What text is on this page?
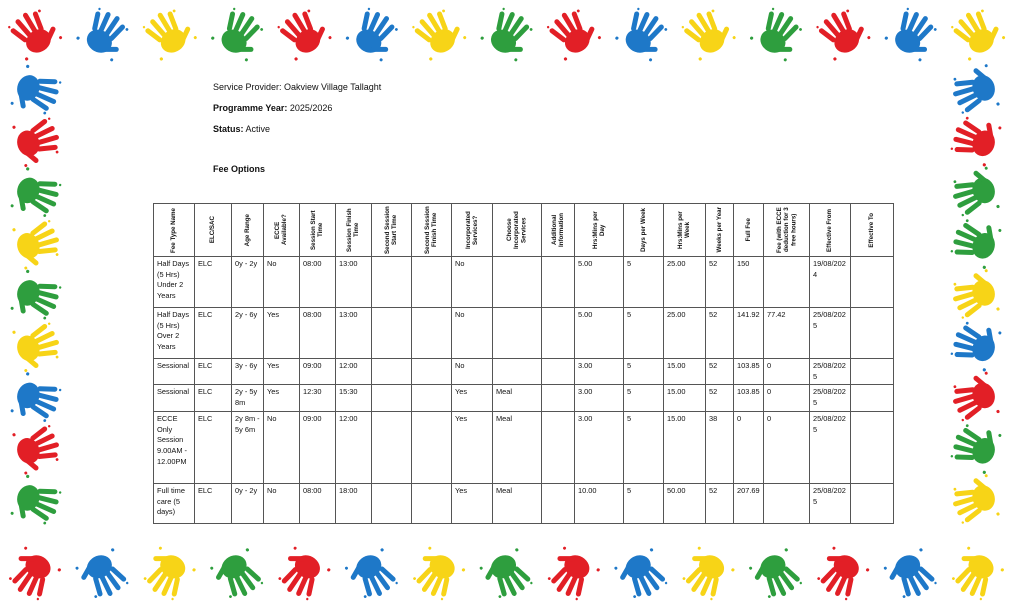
Service Provider: Oakview Village Tallaght
Programme Year: 2025/2026
Status: Active
Fee Options
Fee Type Name	ELC/SAC	Age Range	ECCE Available?	Session Start Time	Session Finish Time	Second Session Start Time	Second Session Finish Time	Incorporated Services?	Choose Incorporated Services	Additional Information	Hrs:Mins per Day	Days per Week	Hrs:Mins per Week	Weeks per Year	Full Fee	Fee (with ECCE deduction for 3 free hours)	Effective From	Effective To

Half Days (5 Hrs) Under 2 Years	ELC	0y - 2y	No	08:00	13:00			No			5.00	5	25.00	52	150		19/08/2024	
Half Days (5 Hrs) Over 2 Years	ELC	2y - 6y	Yes	08:00	13:00			No			5.00	5	25.00	52	141.92	77.42	25/08/2025	
Sessional	ELC	3y - 6y	Yes	09:00	12:00			No			3.00	5	15.00	52	103.85	0	25/08/2025	
Sessional	ELC	2y - 5y 8m	Yes	12:30	15:30			Yes	Meal		3.00	5	15.00	52	103.85	0	25/08/2025	
ECCE Only Session 9.00AM - 12.00PM	ELC	2y 8m - 5y 6m	No	09:00	12:00			Yes	Meal		3.00	5	15.00	38	0	0	25/08/2025	
Full time care (5 days)	ELC	0y - 2y	No	08:00	18:00			Yes	Meal		10.00	5	50.00	52	207.69		25/08/2025	
